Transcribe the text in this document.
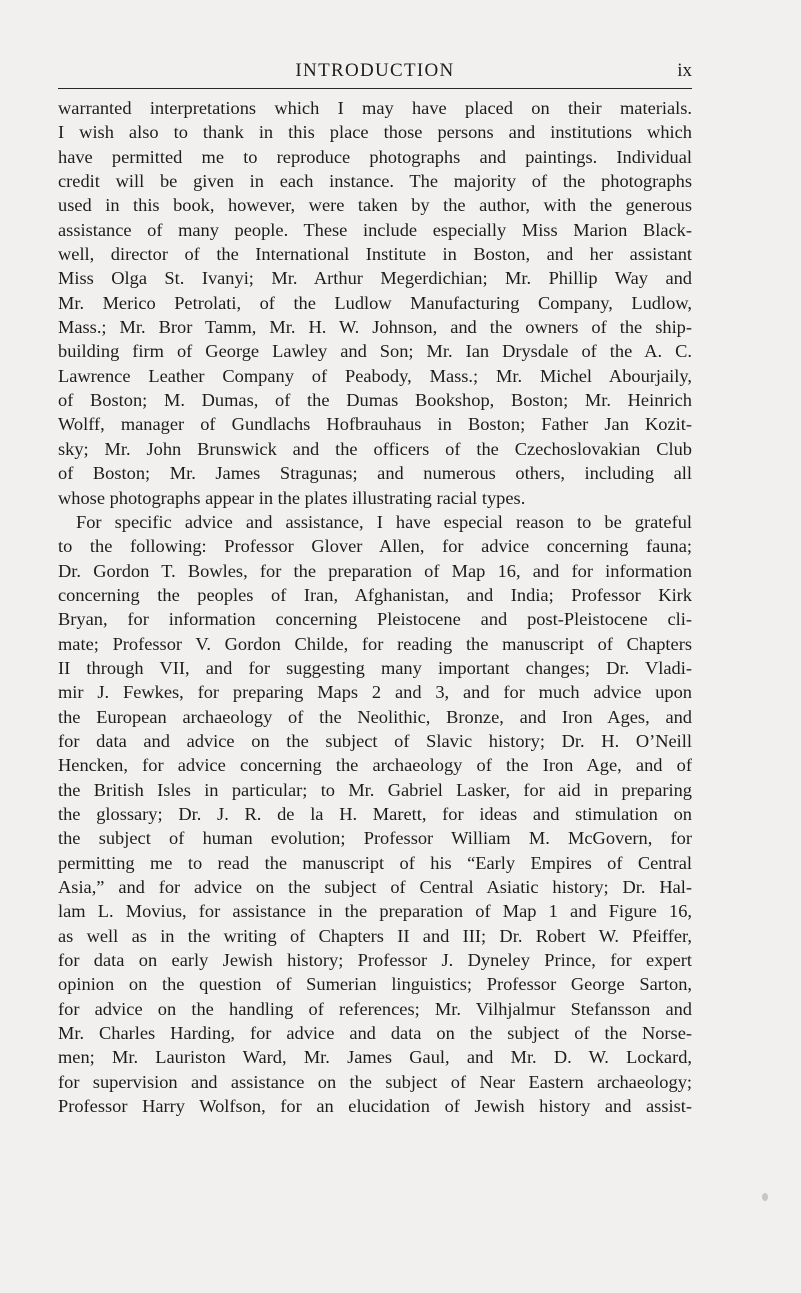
INTRODUCTION	ix
warranted interpretations which I may have placed on their materials.
I wish also to thank in this place those persons and institutions which
have permitted me to reproduce photographs and paintings. Individual
credit will be given in each instance. The majority of the photographs
used in this book, however, were taken by the author, with the generous
assistance of many people. These include especially Miss Marion Black-
well, director of the International Institute in Boston, and her assistant
Miss Olga St. Ivanyi; Mr. Arthur Megerdichian; Mr. Phillip Way and
Mr. Merico Petrolati, of the Ludlow Manufacturing Company, Ludlow,
Mass.; Mr. Bror Tamm, Mr. H. W. Johnson, and the owners of the ship-
building firm of George Lawley and Son; Mr. Ian Drysdale of the A. C.
Lawrence Leather Company of Peabody, Mass.; Mr. Michel Abourjaily,
of Boston; M. Dumas, of the Dumas Bookshop, Boston; Mr. Heinrich
Wolff, manager of Gundlachs Hofbrauhaus in Boston; Father Jan Kozit-
sky; Mr. John Brunswick and the officers of the Czechoslovakian Club
of Boston; Mr. James Stragunas; and numerous others, including all
whose photographs appear in the plates illustrating racial types.
For specific advice and assistance, I have especial reason to be grateful
to the following: Professor Glover Allen, for advice concerning fauna;
Dr. Gordon T. Bowles, for the preparation of Map 16, and for information
concerning the peoples of Iran, Afghanistan, and India; Professor Kirk
Bryan, for information concerning Pleistocene and post-Pleistocene cli-
mate; Professor V. Gordon Childe, for reading the manuscript of Chapters
II through VII, and for suggesting many important changes; Dr. Vladi-
mir J. Fewkes, for preparing Maps 2 and 3, and for much advice upon
the European archaeology of the Neolithic, Bronze, and Iron Ages, and
for data and advice on the subject of Slavic history; Dr. H. O’Neill
Hencken, for advice concerning the archaeology of the Iron Age, and of
the British Isles in particular; to Mr. Gabriel Lasker, for aid in preparing
the glossary; Dr. J. R. de la H. Marett, for ideas and stimulation on
the subject of human evolution; Professor William M. McGovern, for
permitting me to read the manuscript of his “Early Empires of Central
Asia,” and for advice on the subject of Central Asiatic history; Dr. Hal-
lam L. Movius, for assistance in the preparation of Map 1 and Figure 16,
as well as in the writing of Chapters II and III; Dr. Robert W. Pfeiffer,
for data on early Jewish history; Professor J. Dyneley Prince, for expert
opinion on the question of Sumerian linguistics; Professor George Sarton,
for advice on the handling of references; Mr. Vilhjalmur Stefansson and
Mr. Charles Harding, for advice and data on the subject of the Norse-
men; Mr. Lauriston Ward, Mr. James Gaul, and Mr. D. W. Lockard,
for supervision and assistance on the subject of Near Eastern archaeology;
Professor Harry Wolfson, for an elucidation of Jewish history and assist-
